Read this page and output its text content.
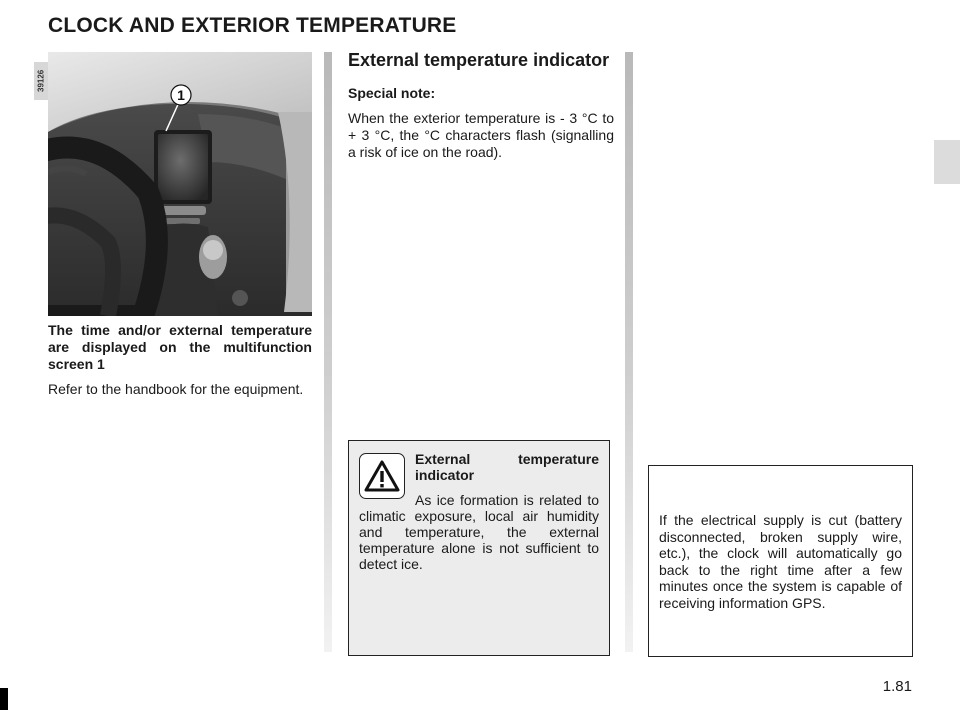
CLOCK AND EXTERIOR TEMPERATURE
39126
1

The time and/or external temperature are displayed on the multifunction screen 1

Refer to the handbook for the equipment.

External temperature indicator
Special note:

When the exterior temperature is - 3 °C to + 3 °C, the °C characters flash (signalling a risk of ice on the road).

External temperature indicator

As ice formation is related to climatic exposure, local air humidity and temperature, the external temperature alone is not sufficient to detect ice.

If the electrical supply is cut (battery disconnected, broken supply wire, etc.), the clock will automatically go back to the right time after a few minutes once the system is capable of receiving information GPS.

1.81
